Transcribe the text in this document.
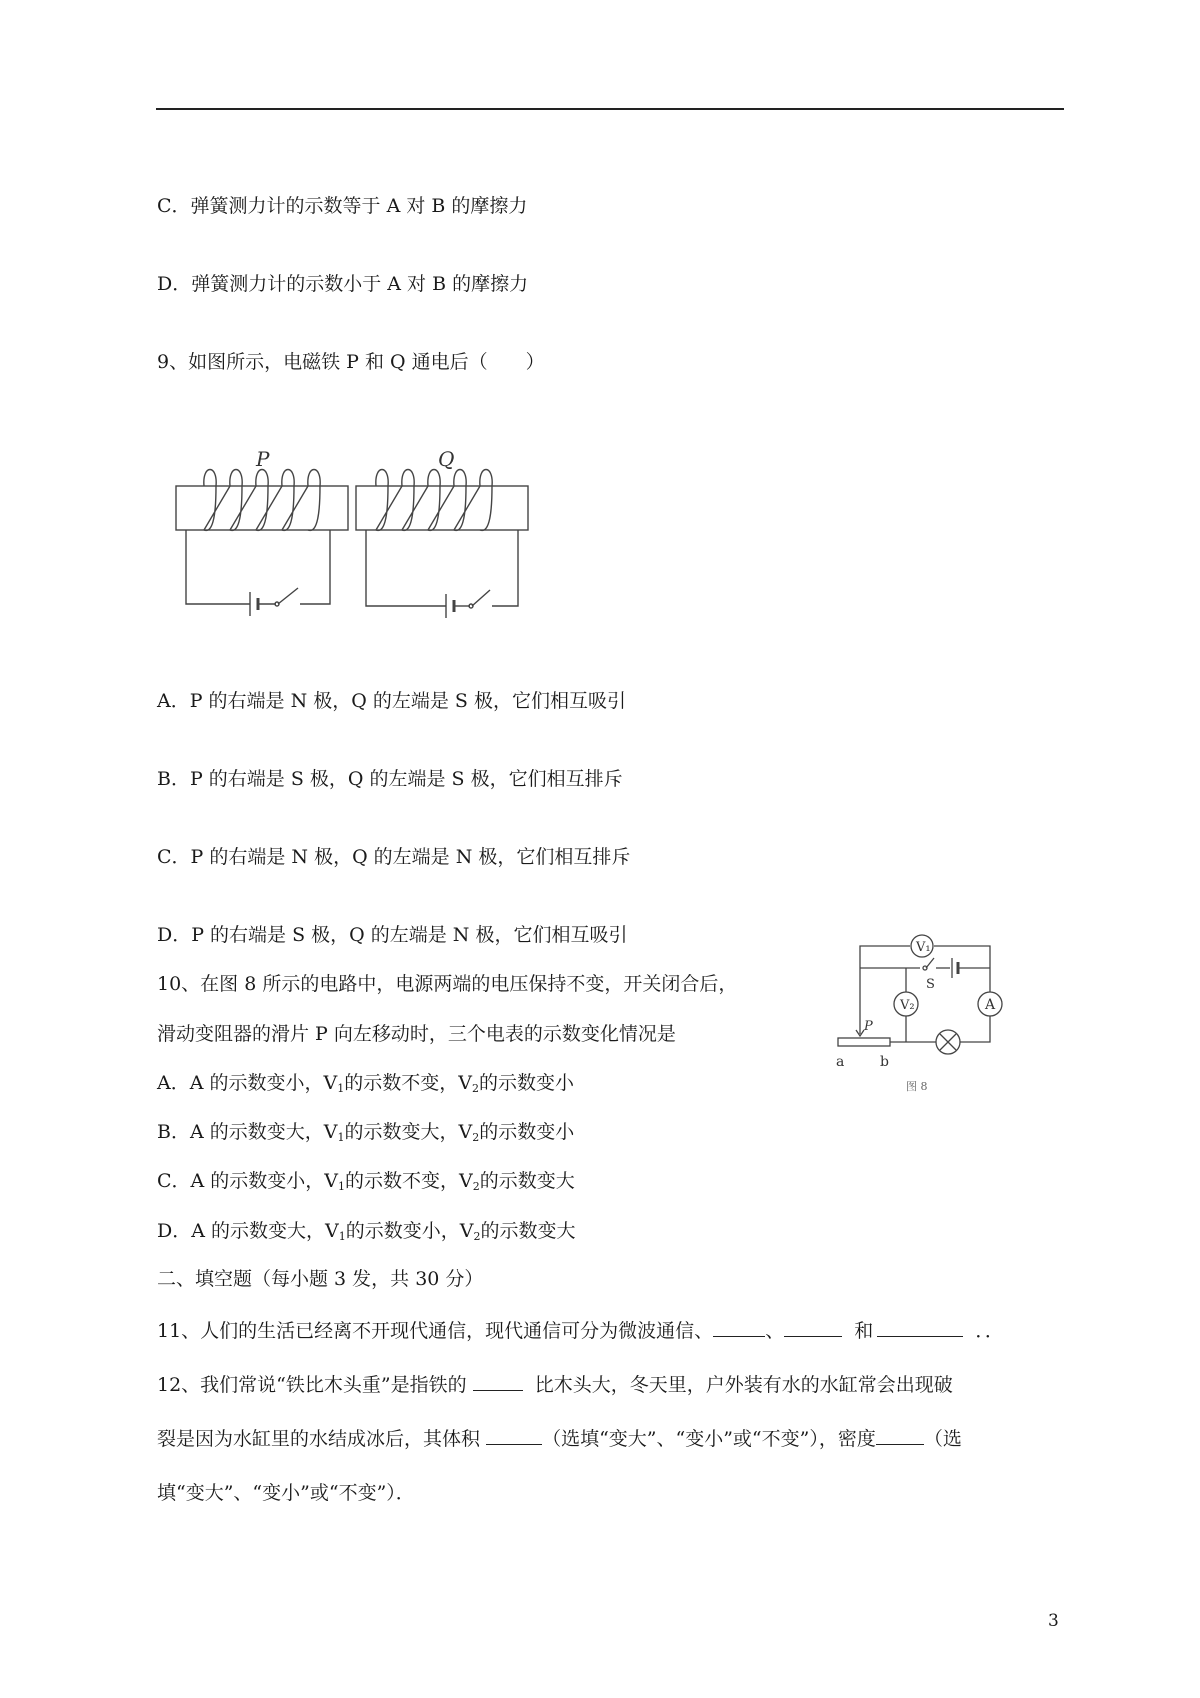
C．弹簧测力计的示数等于 A 对 B 的摩擦力
D．弹簧测力计的示数小于 A 对 B 的摩擦力
9、如图所示，电磁铁 P 和 Q 通电后（　　）
P	Q
A．P 的右端是 N 极，Q 的左端是 S 极，它们相互吸引
B．P 的右端是 S 极，Q 的左端是 S 极，它们相互排斥
C．P 的右端是 N 极，Q 的左端是 N 极，它们相互排斥
D．P 的右端是 S 极，Q 的左端是 N 极，它们相互吸引
10、在图 8 所示的电路中，电源两端的电压保持不变，开关闭合后，
滑动变阻器的滑片 P 向左移动时，三个电表的示数变化情况是
V₁
V₂	A
S
P
a	b
图 8
A．A 的示数变小，$V_1$的示数不变，$V_2$的示数变小
B．A 的示数变大，$V_1$的示数变大，$V_2$的示数变小
C．A 的示数变小，$V_1$的示数不变，$V_2$的示数变大
D．A 的示数变大，$V_1$的示数变小，$V_2$的示数变大
二、填空题（每小题 3 发，共 30 分）
11、人们的生活已经离不开现代通信，现代通信可分为微波通信、	、	和	．．
12、我们常说“铁比木头重”是指铁的	比木头大，冬天里，户外装有水的水缸常会出现破
裂是因为水缸里的水结成冰后，其体积	（选填“变大”、“变小”或“不变”），密度	（选
填“变大”、“变小”或“不变”）．
3
